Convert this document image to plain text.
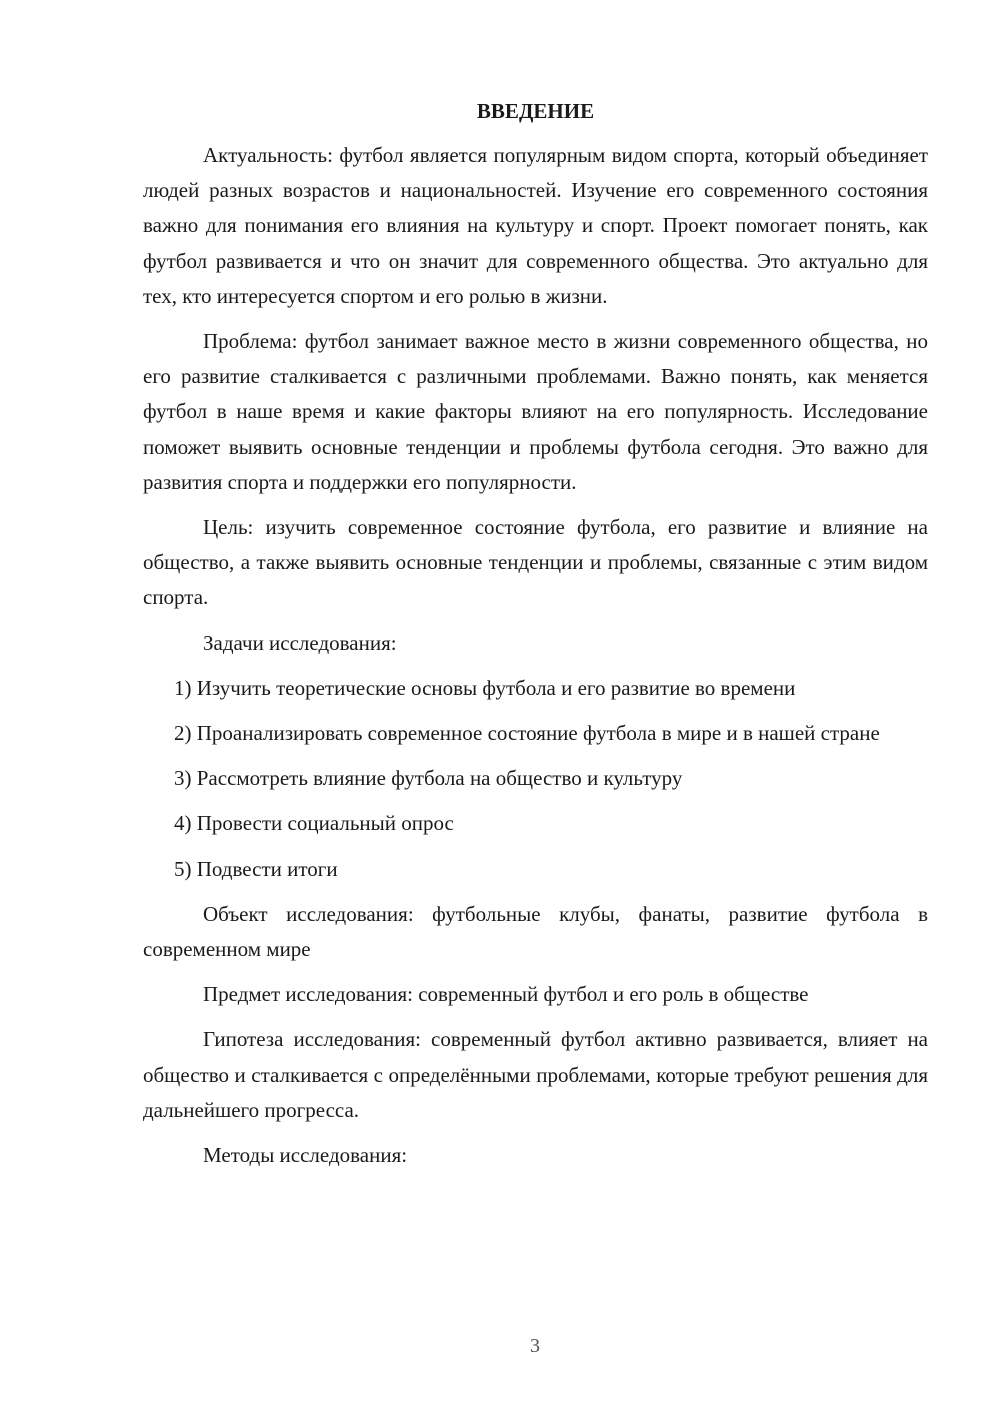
ВВЕДЕНИЕ

Актуальность: футбол является популярным видом спорта, который объединяет людей разных возрастов и национальностей. Изучение его современного состояния важно для понимания его влияния на культуру и спорт. Проект помогает понять, как футбол развивается и что он значит для современного общества. Это актуально для тех, кто интересуется спортом и его ролью в жизни.

Проблема: футбол занимает важное место в жизни современного общества, но его развитие сталкивается с различными проблемами. Важно понять, как меняется футбол в наше время и какие факторы влияют на его популярность. Исследование поможет выявить основные тенденции и проблемы футбола сегодня. Это важно для развития спорта и поддержки его популярности.

Цель: изучить современное состояние футбола, его развитие и влияние на общество, а также выявить основные тенденции и проблемы, связанные с этим видом спорта.

Задачи исследования:

1) Изучить теоретические основы футбола и его развитие во времени

2) Проанализировать современное состояние футбола в мире и в нашей стране

3) Рассмотреть влияние футбола на общество и культуру

4) Провести социальный опрос

5) Подвести итоги

Объект исследования: футбольные клубы, фанаты, развитие футбола в современном мире

Предмет исследования: современный футбол и его роль в обществе

Гипотеза исследования: современный футбол активно развивается, влияет на общество и сталкивается с определёнными проблемами, которые требуют решения для дальнейшего прогресса.

Методы исследования:

3
